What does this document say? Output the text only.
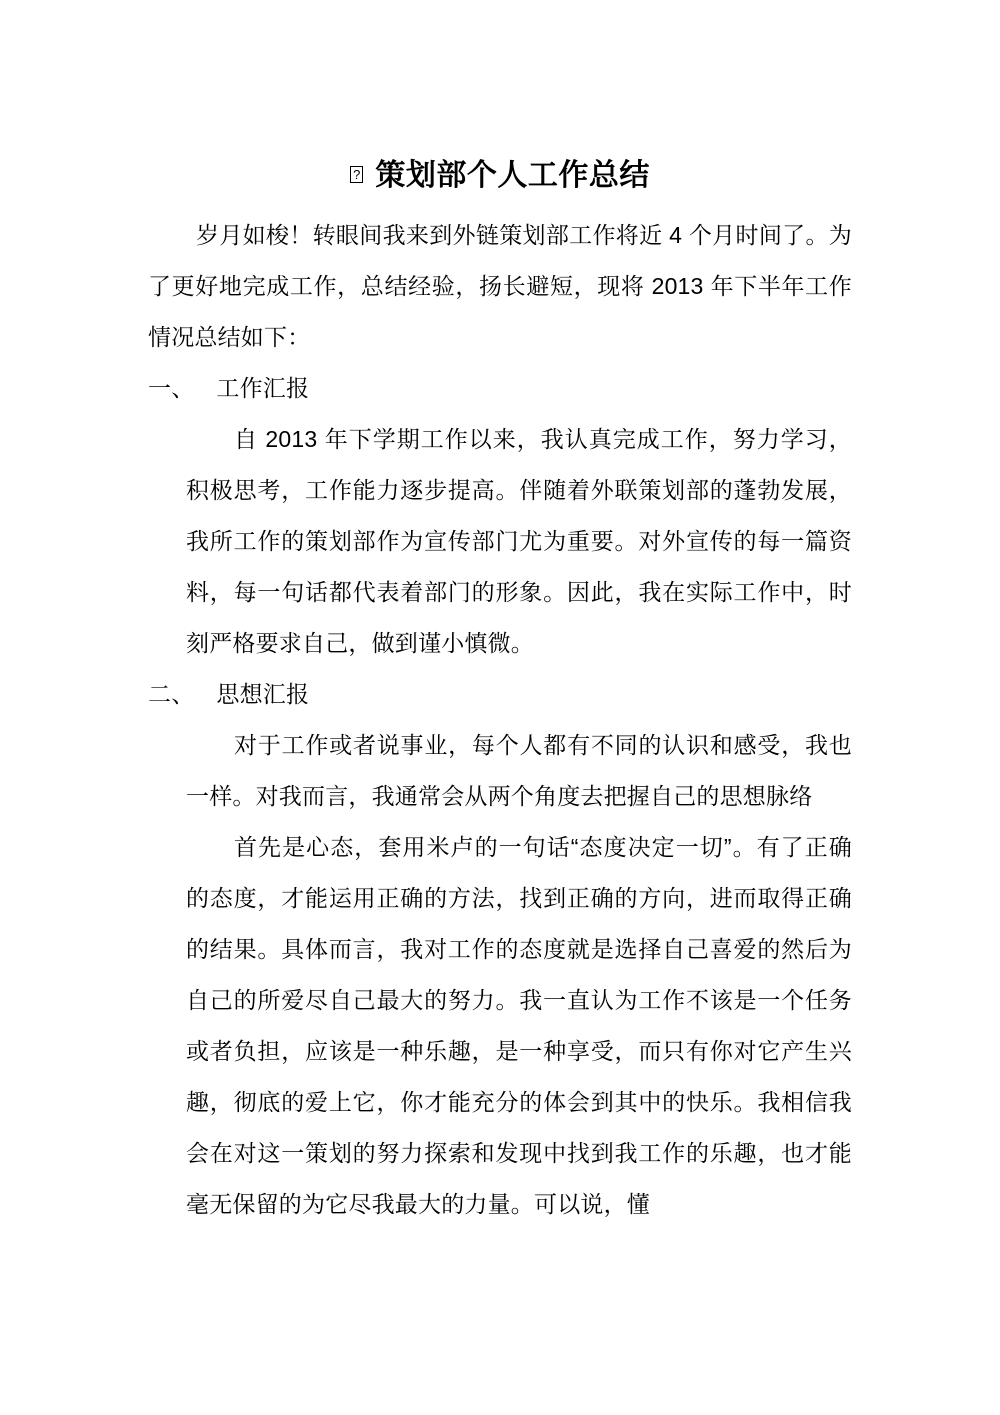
? 策划部个人工作总结

岁月如梭！转眼间我来到外链策划部工作将近 4 个月时间了。为了更好地完成工作，总结经验，扬长避短，现将 2013 年下半年工作情况总结如下：

一、 工作汇报

自 2013 年下学期工作以来，我认真完成工作，努力学习，积极思考，工作能力逐步提高。伴随着外联策划部的蓬勃发展，我所工作的策划部作为宣传部门尤为重要。对外宣传的每一篇资料，每一句话都代表着部门的形象。因此，我在实际工作中，时刻严格要求自己，做到谨小慎微。

二、 思想汇报

对于工作或者说事业，每个人都有不同的认识和感受，我也一样。对我而言，我通常会从两个角度去把握自己的思想脉络

首先是心态，套用米卢的一句话“态度决定一切”。有了正确的态度，才能运用正确的方法，找到正确的方向，进而取得正确的结果。具体而言，我对工作的态度就是选择自己喜爱的然后为自己的所爱尽自己最大的努力。我一直认为工作不该是一个任务或者负担，应该是一种乐趣，是一种享受，而只有你对它产生兴趣，彻底的爱上它，你才能充分的体会到其中的快乐。我相信我会在对这一策划的努力探索和发现中找到我工作的乐趣，也才能毫无保留的为它尽我最大的力量。可以说，懂
